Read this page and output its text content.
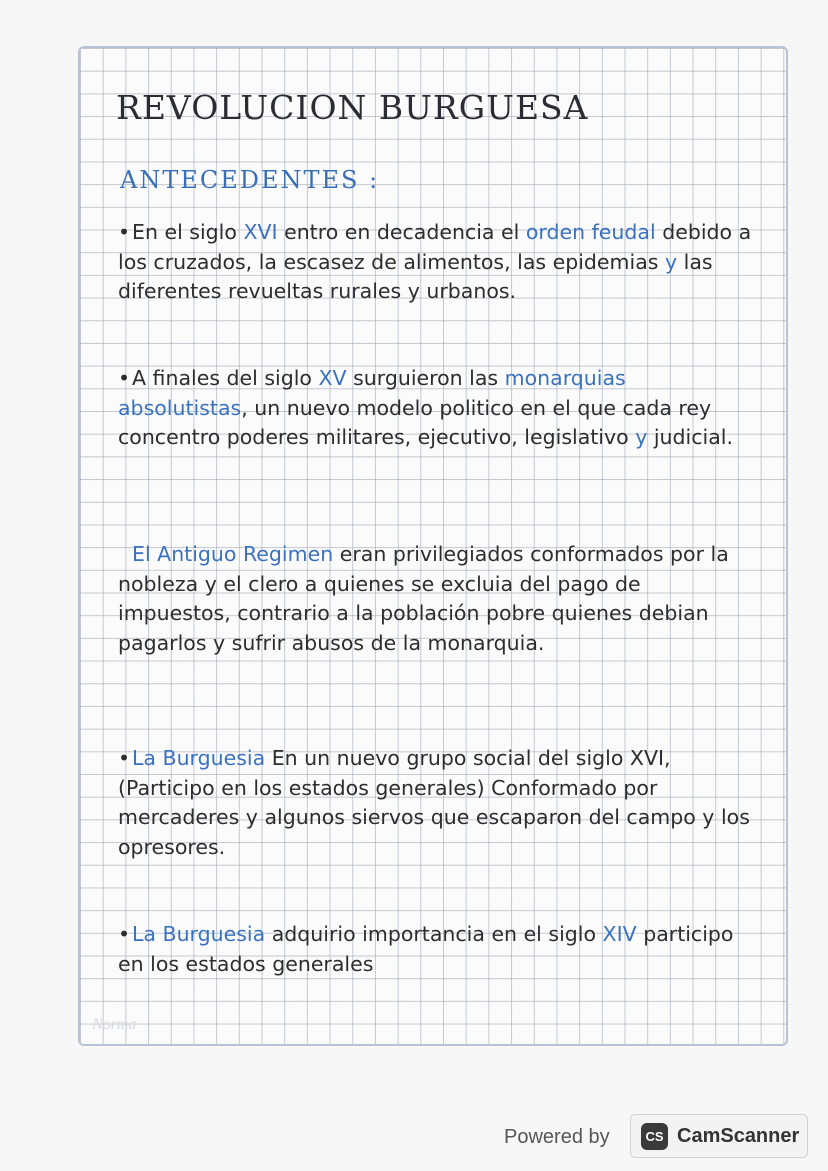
REVOLUCION BURGUESA
ANTECEDENTES :

•En el siglo XVI entro en decadencia el orden feudal debido a los cruzados, la escasez de alimentos, las epidemias y las diferentes revueltas rurales y urbanos.

•A finales del siglo XV surguieron las monarquias absolutistas, un nuevo modelo politico en el que cada rey concentro poderes militares, ejecutivo, legislativo y judicial.

El Antiguo Regimen eran privilegiados conformados por la nobleza y el clero a quienes se excluia del pago de impuestos, contrario a la población pobre quienes debian pagarlos y sufrir abusos de la monarquia.

•La Burguesia En un nuevo grupo social del siglo XVI, (Participo en los estados generales) Conformado por mercaderes y algunos siervos que escaparon del campo y los opresores.

•La Burguesia adquirio importancia en el siglo XIV participo en los estados generales

Norma
Powered by	CS CamScanner
